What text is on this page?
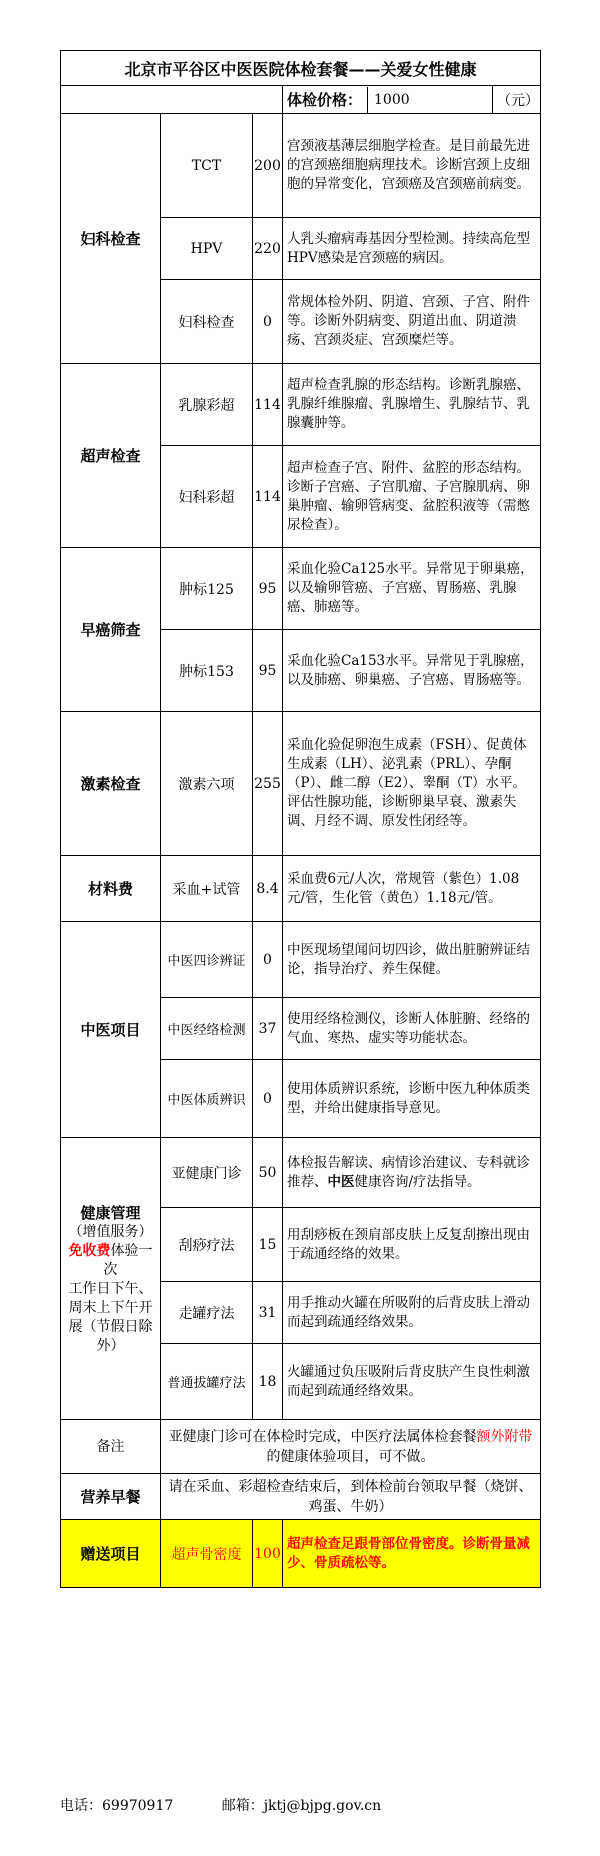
北京市平谷区中医医院体检套餐——关爱女性健康				

			体检价格： 1000	（元）
妇科检查	TCT	200	宫颈液基薄层细胞学检查。是目前最先进的宫颈癌细胞病理技术。诊断宫颈上皮细胞的异常变化，宫颈癌及宫颈癌前病变。	
	HPV	220	人乳头瘤病毒基因分型检测。持续高危型HPV感染是宫颈癌的病因。	
	妇科检查	0	常规体检外阴、阴道、宫颈、子宫、附件等。诊断外阴病变、阴道出血、阴道溃疡、宫颈炎症、宫颈糜烂等。	
超声检查	乳腺彩超	114	超声检查乳腺的形态结构。诊断乳腺癌、乳腺纤维腺瘤、乳腺增生、乳腺结节、乳腺囊肿等。	
	妇科彩超	114	超声检查子宫、附件、盆腔的形态结构。诊断子宫癌、子宫肌瘤、子宫腺肌病、卵巢肿瘤、输卵管病变、盆腔积液等（需憋尿检查）。	
早癌筛查	肿标125	95	采血化验Ca125水平。异常见于卵巢癌，以及输卵管癌、子宫癌、胃肠癌、乳腺癌、肺癌等。	
	肿标153	95	采血化验Ca153水平。异常见于乳腺癌，以及肺癌、卵巢癌、子宫癌、胃肠癌等。	
激素检查	激素六项	255	采血化验促卵泡生成素（FSH）、促黄体生成素（LH）、泌乳素（PRL）、孕酮（P）、雌二醇（E2）、睾酮（T）水平。评估性腺功能，诊断卵巢早衰、激素失调、月经不调、原发性闭经等。	
材料费	采血+试管	8.4	采血费6元/人次，常规管（紫色）1.08元/管，生化管（黄色）1.18元/管。	
中医项目	中医四诊辨证	0	中医现场望闻问切四诊，做出脏腑辨证结论，指导治疗、养生保健。	
	中医经络检测	37	使用经络检测仪，诊断人体脏腑、经络的气血、寒热、虚实等功能状态。	
	中医体质辨识	0	使用体质辨识系统，诊断中医九种体质类型，并给出健康指导意见。	

健康管理
（增值服务）
免收费体验一次
工作日下午、周末上下午开展（节假日除外）	亚健康门诊	50	体检报告解读、病情诊治建议、专科就诊推荐、中医健康咨询/疗法指导。	
	刮痧疗法	15	用刮痧板在颈肩部皮肤上反复刮擦出现由于疏通经络的效果。	
	走罐疗法	31	用手推动火罐在所吸附的后背皮肤上滑动而起到疏通经络效果。	
	普通拔罐疗法	18	火罐通过负压吸附后背皮肤产生良性刺激而起到疏通经络效果。	
备注	亚健康门诊可在体检时完成，中医疗法属体检套餐额外附带的健康体验项目，可不做。			
营养早餐	请在采血、彩超检查结束后，到体检前台领取早餐（烧饼、鸡蛋、牛奶）			
赠送项目	超声骨密度	100	超声检查足跟骨部位骨密度。诊断骨量减少、骨质疏松等。	
电话：69970917	邮箱：jktj@bjpg.gov.cn
